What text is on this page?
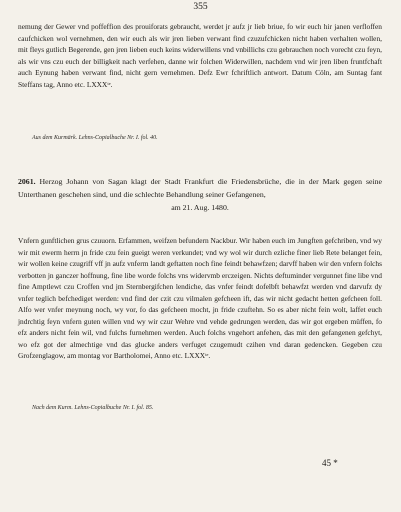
355
nemung der Gewer vnd poffeffion des prouiforats gebraucht, werdet jr aufz jr lieb briue, fo wir euch hir janen verfloffen caufchicken wol vernehmen, den wir euch als wir jren lieben verwant find czuzufchicken nicht haben verhalten wollen, mit fleys gutlich Begerende, gen jren lieben euch keins widerwillens vnd vnbillichs czu gebrauchen noch vorecht czu feyn, als wir vns czu euch der billigkeit nach verfehen, danne wir folchen Widerwillen, nachdem vnd wir jren liben fruntfchaft auch Eynung haben verwant find, nicht gern vernehmen. Defz Ewr fchriftlich antwort. Datum Cöln, am Suntag fant Steffans tag, Anno etc. LXXXᵗᵉ.
Aus dem Kurmärk. Lehns-Copialbuche Nr. I. fol. 40.
2061. Herzog Johann von Sagan klagt der Stadt Frankfurt die Friedensbrüche, die in der Mark gegen seine Unterthanen geschehen sind, und die schlechte Behandlung seiner Gefangenen,
am 21. Aug. 1480.
Vnfern gunftlichen grus czuuorn. Erfammen, weifzen befundern Nackbur. Wir haben euch im Jungften gefchriben, vnd wy wir mit ewerm herrn jn fride czu fein gueigt weren verkundet; vnd wy wol wir durch ezliche finer lieb Rete belanget fein, wir wollen keine czugriff vff jn aufz vnferm landt geftatten noch fine feindt behawfzen; darvff haben wir den vnfern folchs verbotten jn ganczer hoffnung, fine libe worde folchs vns widervmb erczeigen. Nichts deftuminder vergunnet fine libe vnd fine Amptlewt czu Croffen vnd jm Sternbergifchen lendiche, das vnfer feindt dofelbft behawfzt werden vnd darvufz dy vnfer teglich befchediget werden: vnd find der czit czu vilmalen gefcheen ift, das wir nicht gedacht hetten gefcheen foll. Alfo wer vnfer meynung noch, wy vor, fo das gefcheen mocht, jn fride czuftehn. So es aber nicht fein wolt, laffet euch jndrchtig feyn vnfern guten willen vnd wy wir czur Wehre vnd vehde gedrungen werden, das wir got ergeben müffen, fo efz anders nicht fein wil, vnd fulchs furnehmen werden. Auch folchs vngehort anfehen, das mit den gefangenen gefchyt, wo efz got der almechtige vnd das glucke anders verfuget czugemudt czihen vnd daran gedencken. Gegeben czu Grofzenglagow, am montag vor Bartholomei, Anno etc. LXXXᵗᵉ.
Nach dem Kurm. Lehns-Copialbuche Nr. I. fol. 85.
45 *
